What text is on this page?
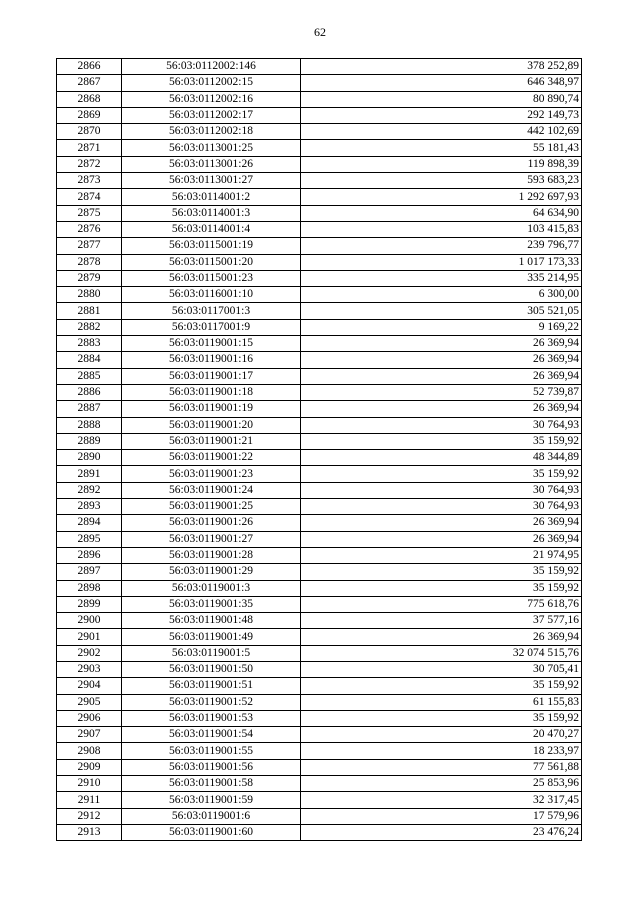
62
2866	56:03:0112002:146	378 252,89
2867	56:03:0112002:15	646 348,97
2868	56:03:0112002:16	80 890,74
2869	56:03:0112002:17	292 149,73
2870	56:03:0112002:18	442 102,69
2871	56:03:0113001:25	55 181,43
2872	56:03:0113001:26	119 898,39
2873	56:03:0113001:27	593 683,23
2874	56:03:0114001:2	1 292 697,93
2875	56:03:0114001:3	64 634,90
2876	56:03:0114001:4	103 415,83
2877	56:03:0115001:19	239 796,77
2878	56:03:0115001:20	1 017 173,33
2879	56:03:0115001:23	335 214,95
2880	56:03:0116001:10	6 300,00
2881	56:03:0117001:3	305 521,05
2882	56:03:0117001:9	9 169,22
2883	56:03:0119001:15	26 369,94
2884	56:03:0119001:16	26 369,94
2885	56:03:0119001:17	26 369,94
2886	56:03:0119001:18	52 739,87
2887	56:03:0119001:19	26 369,94
2888	56:03:0119001:20	30 764,93
2889	56:03:0119001:21	35 159,92
2890	56:03:0119001:22	48 344,89
2891	56:03:0119001:23	35 159,92
2892	56:03:0119001:24	30 764,93
2893	56:03:0119001:25	30 764,93
2894	56:03:0119001:26	26 369,94
2895	56:03:0119001:27	26 369,94
2896	56:03:0119001:28	21 974,95
2897	56:03:0119001:29	35 159,92
2898	56:03:0119001:3	35 159,92
2899	56:03:0119001:35	775 618,76
2900	56:03:0119001:48	37 577,16
2901	56:03:0119001:49	26 369,94
2902	56:03:0119001:5	32 074 515,76
2903	56:03:0119001:50	30 705,41
2904	56:03:0119001:51	35 159,92
2905	56:03:0119001:52	61 155,83
2906	56:03:0119001:53	35 159,92
2907	56:03:0119001:54	20 470,27
2908	56:03:0119001:55	18 233,97
2909	56:03:0119001:56	77 561,88
2910	56:03:0119001:58	25 853,96
2911	56:03:0119001:59	32 317,45
2912	56:03:0119001:6	17 579,96
2913	56:03:0119001:60	23 476,24
